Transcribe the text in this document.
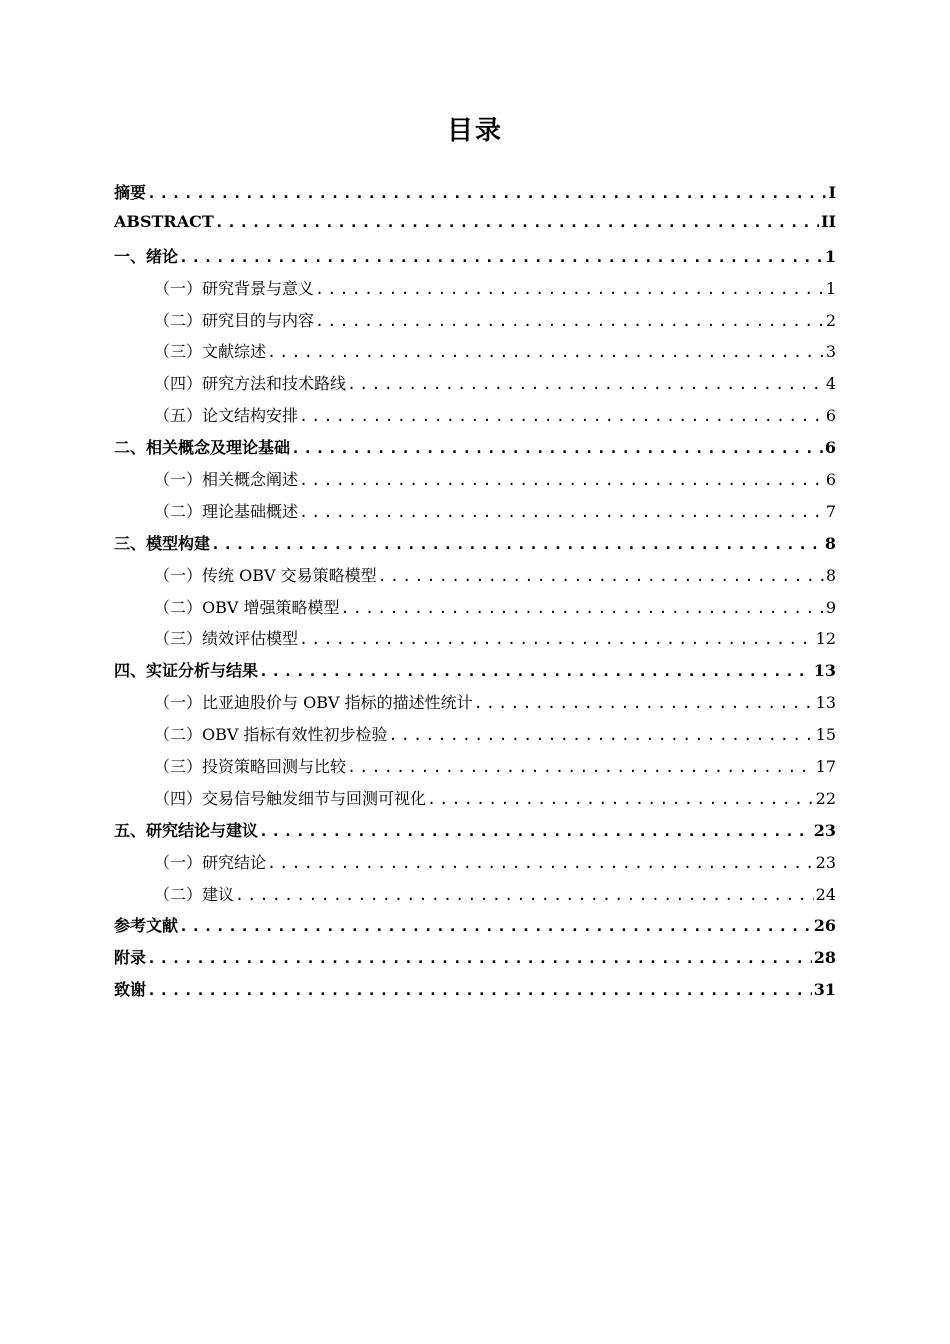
目录
摘要 .....	I
ABSTRACT .....	II
一、 绪论 .....	1
（一） 研究背景与意义 .....	1
（二） 研究目的与内容 .....	2
（三） 文献综述 .....	3
（四） 研究方法和技术路线 .....	4
（五） 论文结构安排 .....	6
二、 相关概念及理论基础 .....	6
（一） 相关概念阐述 .....	6
（二） 理论基础概述 .....	7
三、 模型构建 .....	8
（一） 传统 OBV 交易策略模型 .....	8
（二） OBV 增强策略模型 .....	9
（三） 绩效评估模型 .....	12
四、 实证分析与结果 .....	13
（一） 比亚迪股价与 OBV 指标的描述性统计 .....	13
（二） OBV 指标有效性初步检验 .....	15
（三） 投资策略回测与比较 .....	17
（四） 交易信号触发细节与回测可视化 .....	22
五、 研究结论与建议 .....	23
（一） 研究结论 .....	23
（二） 建议 .....	24
参考文献 .....	26
附录 .....	28
致谢 .....	31
